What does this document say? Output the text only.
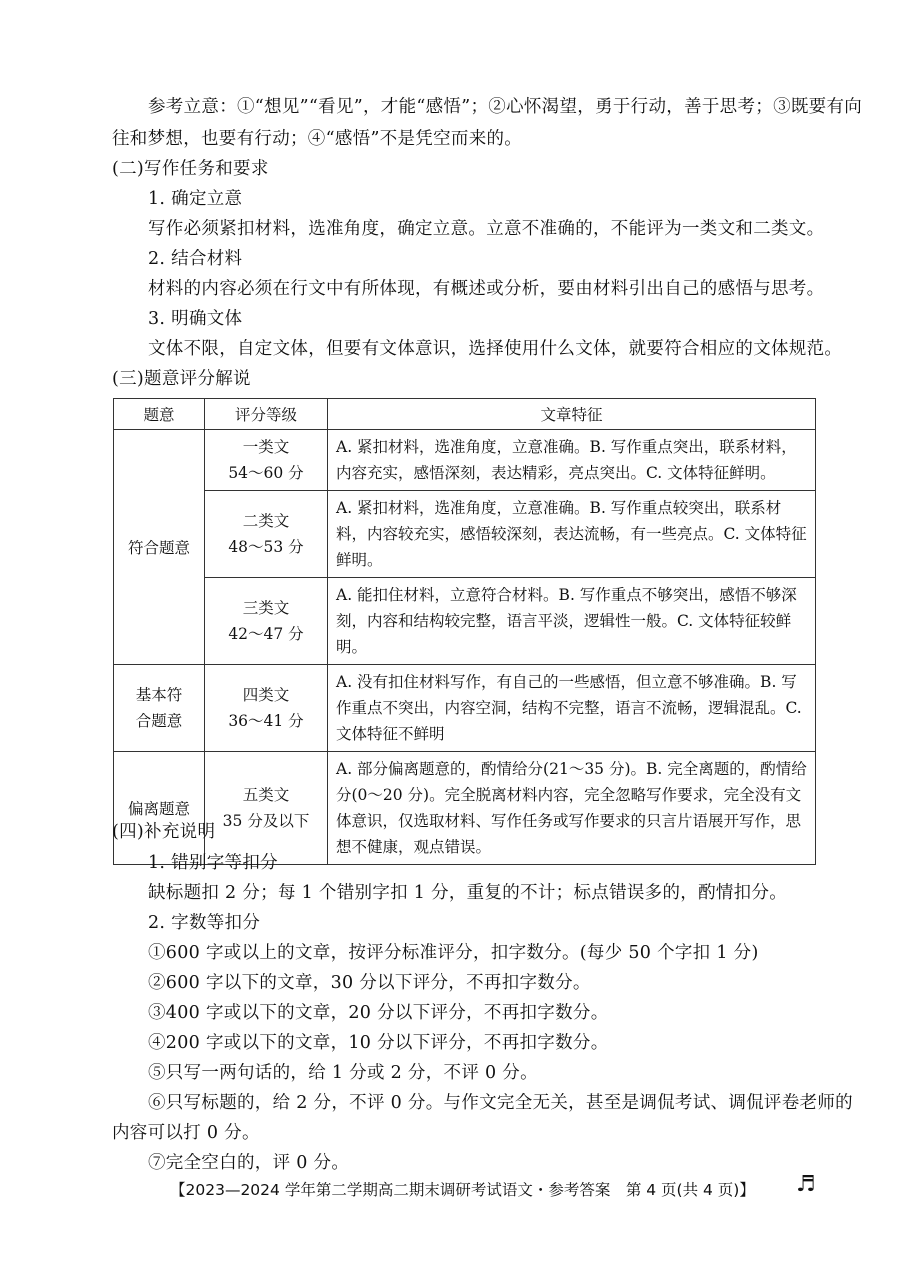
参考立意：①“想见”“看见”，才能“感悟”；②心怀渴望，勇于行动，善于思考；③既要有向
往和梦想，也要有行动；④“感悟”不是凭空而来的。
(二)写作任务和要求
1. 确定立意
写作必须紧扣材料，选准角度，确定立意。立意不准确的，不能评为一类文和二类文。
2. 结合材料
材料的内容必须在行文中有所体现，有概述或分析，要由材料引出自己的感悟与思考。
3. 明确文体
文体不限，自定文体，但要有文体意识，选择使用什么文体，就要符合相应的文体规范。
(三)题意评分解说
题意	评分等级	文章特征
符合题意	一类文
54～60 分	A. 紧扣材料，选准角度，立意准确。B. 写作重点突出，联系材料，内容充实，感悟深刻，表达精彩，亮点突出。C. 文体特征鲜明。

	二类文
48～53 分	A. 紧扣材料，选准角度，立意准确。B. 写作重点较突出，联系材料，内容较充实，感悟较深刻，表达流畅，有一些亮点。C. 文体特征鲜明。

	三类文
42～47 分	A. 能扣住材料，立意符合材料。B. 写作重点不够突出，感悟不够深刻，内容和结构较完整，语言平淡，逻辑性一般。C. 文体特征较鲜明。

基本符合题意	四类文
36～41 分	A. 没有扣住材料写作，有自己的一些感悟，但立意不够准确。B. 写作重点不突出，内容空洞，结构不完整，语言不流畅，逻辑混乱。C. 文体特征不鲜明
偏离题意	五类文
35 分及以下	A. 部分偏离题意的，酌情给分(21～35 分)。B. 完全离题的，酌情给分(0～20 分)。完全脱离材料内容，完全忽略写作要求，完全没有文体意识，仅选取材料、写作任务或写作要求的只言片语展开写作，思想不健康，观点错误。
(四)补充说明
1. 错别字等扣分
缺标题扣 2 分；每 1 个错别字扣 1 分，重复的不计；标点错误多的，酌情扣分。
2. 字数等扣分
①600 字或以上的文章，按评分标准评分，扣字数分。(每少 50 个字扣 1 分)
②600 字以下的文章，30 分以下评分，不再扣字数分。
③400 字或以下的文章，20 分以下评分，不再扣字数分。
④200 字或以下的文章，10 分以下评分，不再扣字数分。
⑤只写一两句话的，给 1 分或 2 分，不评 0 分。
⑥只写标题的，给 2 分，不评 0 分。与作文完全无关，甚至是调侃考试、调侃评卷老师的
内容可以打 0 分。
⑦完全空白的，评 0 分。
【2023—2024 学年第二学期高二期末调研考试语文・参考答案　第 4 页(共 4 页)】 ♬
